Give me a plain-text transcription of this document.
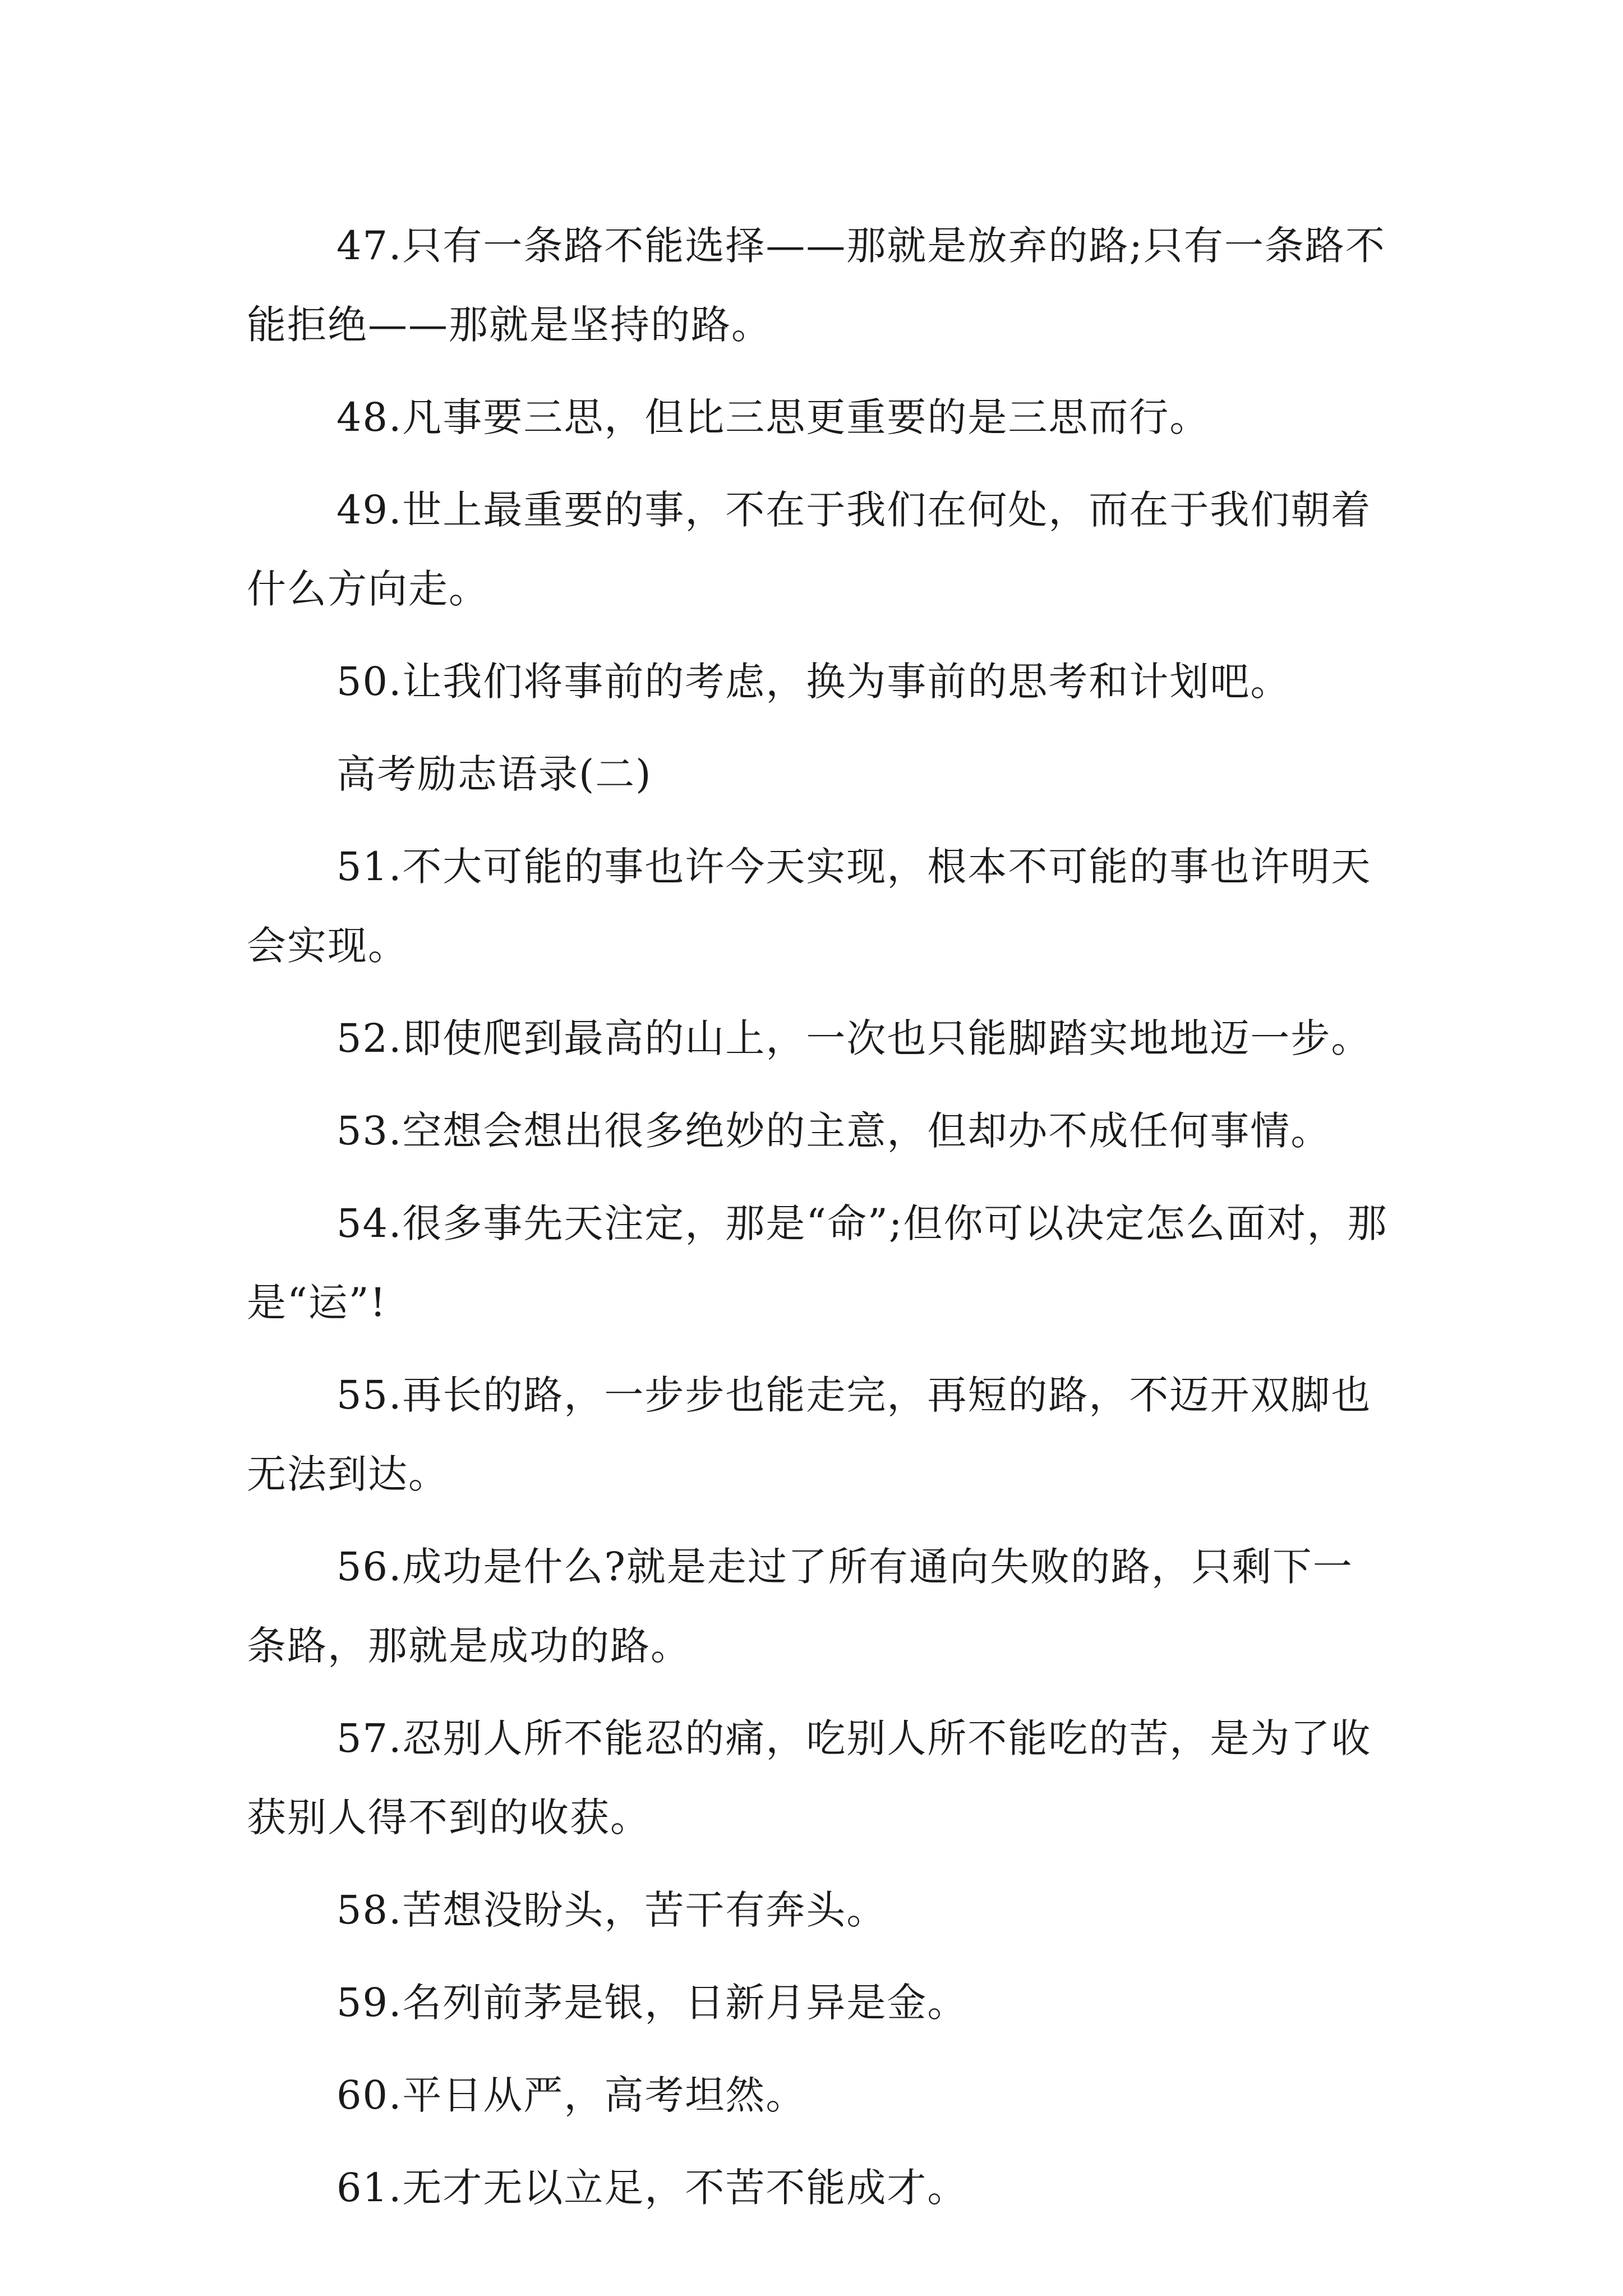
47.只有一条路不能选择——那就是放弃的路;只有一条路不能拒绝——那就是坚持的路。

48.凡事要三思，但比三思更重要的是三思而行。

49.世上最重要的事，不在于我们在何处，而在于我们朝着什么方向走。

50.让我们将事前的考虑，换为事前的思考和计划吧。

高考励志语录(二)

51.不大可能的事也许今天实现，根本不可能的事也许明天会实现。

52.即使爬到最高的山上，一次也只能脚踏实地地迈一步。

53.空想会想出很多绝妙的主意，但却办不成任何事情。

54.很多事先天注定，那是“命”;但你可以决定怎么面对，那是“运”!

55.再长的路，一步步也能走完，再短的路，不迈开双脚也无法到达。

56.成功是什么?就是走过了所有通向失败的路，只剩下一条路，那就是成功的路。

57.忍别人所不能忍的痛，吃别人所不能吃的苦，是为了收获别人得不到的收获。

58.苦想没盼头，苦干有奔头。

59.名列前茅是银，日新月异是金。

60.平日从严，高考坦然。

61.无才无以立足，不苦不能成才。
